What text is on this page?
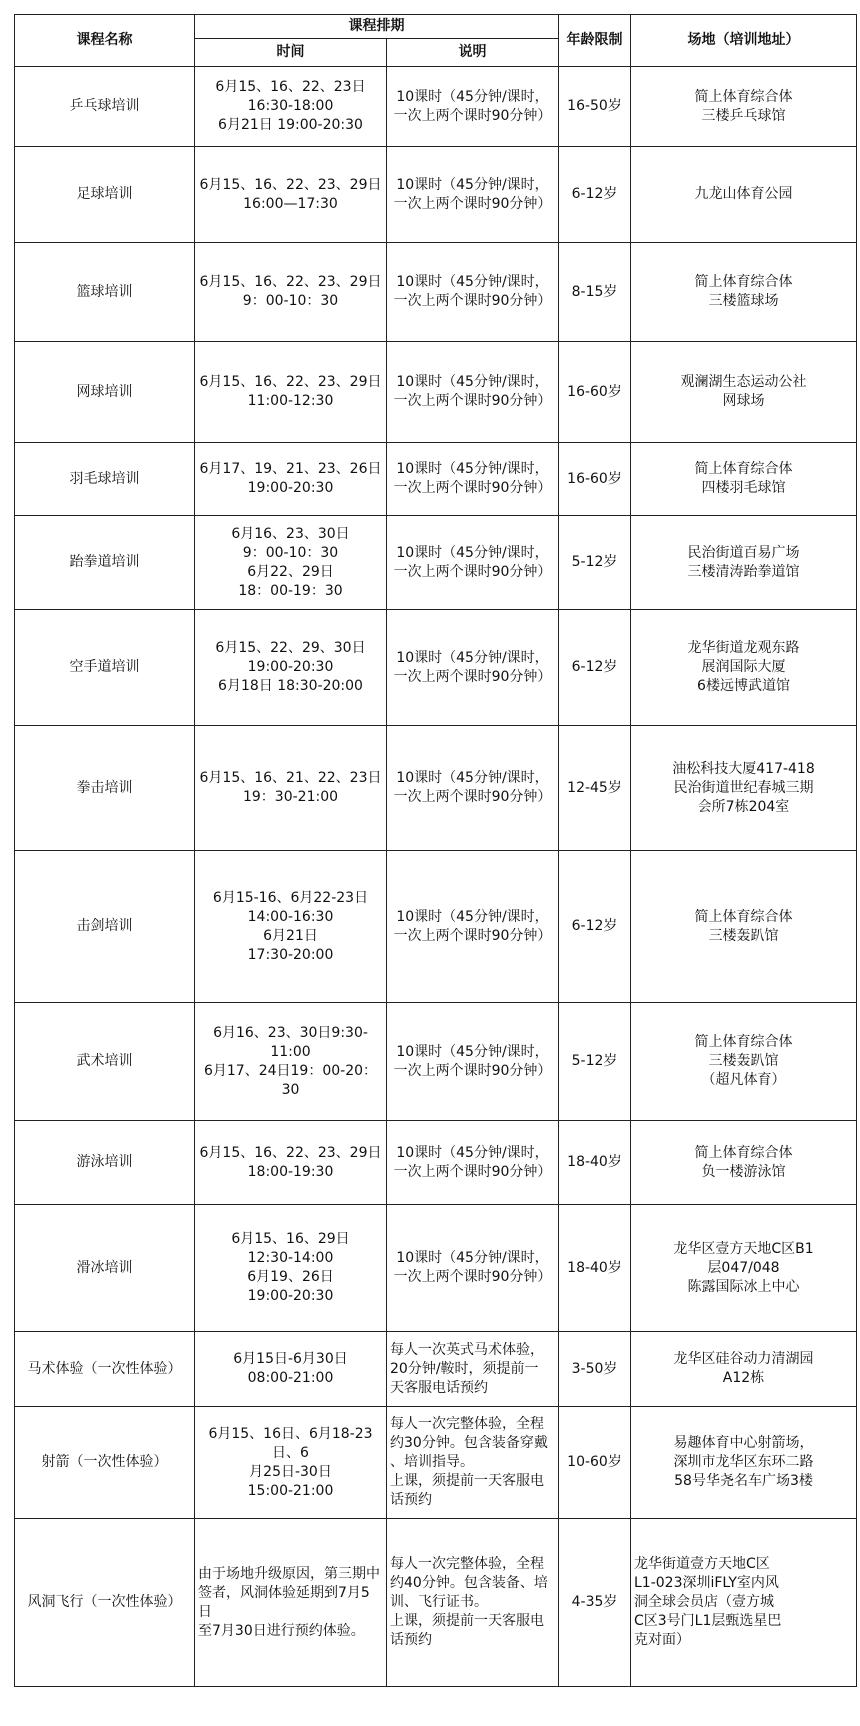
课程名称	课程排期		年龄限制	场地（培训地址）
	时间	说明		
乒乓球培训	6月15、16、22、23日
16:30-18:00
6月21日 19:00-20:30	10课时（45分钟/课时，
一次上两个课时90分钟）	16-50岁	简上体育综合体
三楼乒乓球馆
足球培训	6月15、16、22、23、29日
16:00—17:30	10课时（45分钟/课时，
一次上两个课时90分钟）	6-12岁	九龙山体育公园
篮球培训	6月15、16、22、23、29日
9：00-10：30	10课时（45分钟/课时，
一次上两个课时90分钟）	8-15岁	简上体育综合体
三楼篮球场
网球培训	6月15、16、22、23、29日
11:00-12:30	10课时（45分钟/课时，
一次上两个课时90分钟）	16-60岁	观澜湖生态运动公社
网球场
羽毛球培训	6月17、19、21、23、26日
19:00-20:30	10课时（45分钟/课时，
一次上两个课时90分钟）	16-60岁	简上体育综合体
四楼羽毛球馆
跆拳道培训	6月16、23、30日
9：00-10：30
6月22、29日
18：00-19：30	10课时（45分钟/课时，
一次上两个课时90分钟）	5-12岁	民治街道百易广场
三楼清涛跆拳道馆
空手道培训	6月15、22、29、30日
19:00-20:30
6月18日 18:30-20:00	10课时（45分钟/课时，
一次上两个课时90分钟）	6-12岁	龙华街道龙观东路
展润国际大厦
6楼远博武道馆
拳击培训	6月15、16、21、22、23日
19：30-21:00	10课时（45分钟/课时，
一次上两个课时90分钟）	12-45岁	油松科技大厦417-418
民治街道世纪春城三期
会所7栋204室
击剑培训	6月15-16、6月22-23日
14:00-16:30
6月21日
17:30-20:00	10课时（45分钟/课时，
一次上两个课时90分钟）	6-12岁	简上体育综合体
三楼轰趴馆
武术培训	6月16、23、30日9:30-11:00
6月17、24日19：00-20：30	10课时（45分钟/课时，
一次上两个课时90分钟）	5-12岁	简上体育综合体
三楼轰趴馆
（超凡体育）
游泳培训	6月15、16、22、23、29日
18:00-19:30	10课时（45分钟/课时，
一次上两个课时90分钟）	18-40岁	简上体育综合体
负一楼游泳馆
滑冰培训	6月15、16、29日
12:30-14:00
6月19、26日
19:00-20:30	10课时（45分钟/课时，
一次上两个课时90分钟）	18-40岁	龙华区壹方天地C区B1
层047/048
陈露国际冰上中心
马术体验（一次性体验）	6月15日-6月30日
08:00-21:00	每人一次英式马术体验，
20分钟/鞍时，须提前一
天客服电话预约	3-50岁	龙华区硅谷动力清湖园
A12栋
射箭（一次性体验）	6月15、16日、6月18-23日、6
月25日-30日
15:00-21:00	每人一次完整体验，全程
约30分钟。包含装备穿戴
、培训指导。
上课，须提前一天客服电
话预约	10-60岁	易趣体育中心射箭场，
深圳市龙华区东环二路
58号华尧名车广场3楼
风洞飞行（一次性体验）	由于场地升级原因，第三期中
签者，风洞体验延期到7月5日
至7月30日进行预约体验。	每人一次完整体验，全程
约40分钟。包含装备、培
训、飞行证书。
上课，须提前一天客服电
话预约	4-35岁	龙华街道壹方天地C区
L1-023深圳iFLY室内风
洞全球会员店（壹方城
C区3号门L1层甄选星巴
克对面）
